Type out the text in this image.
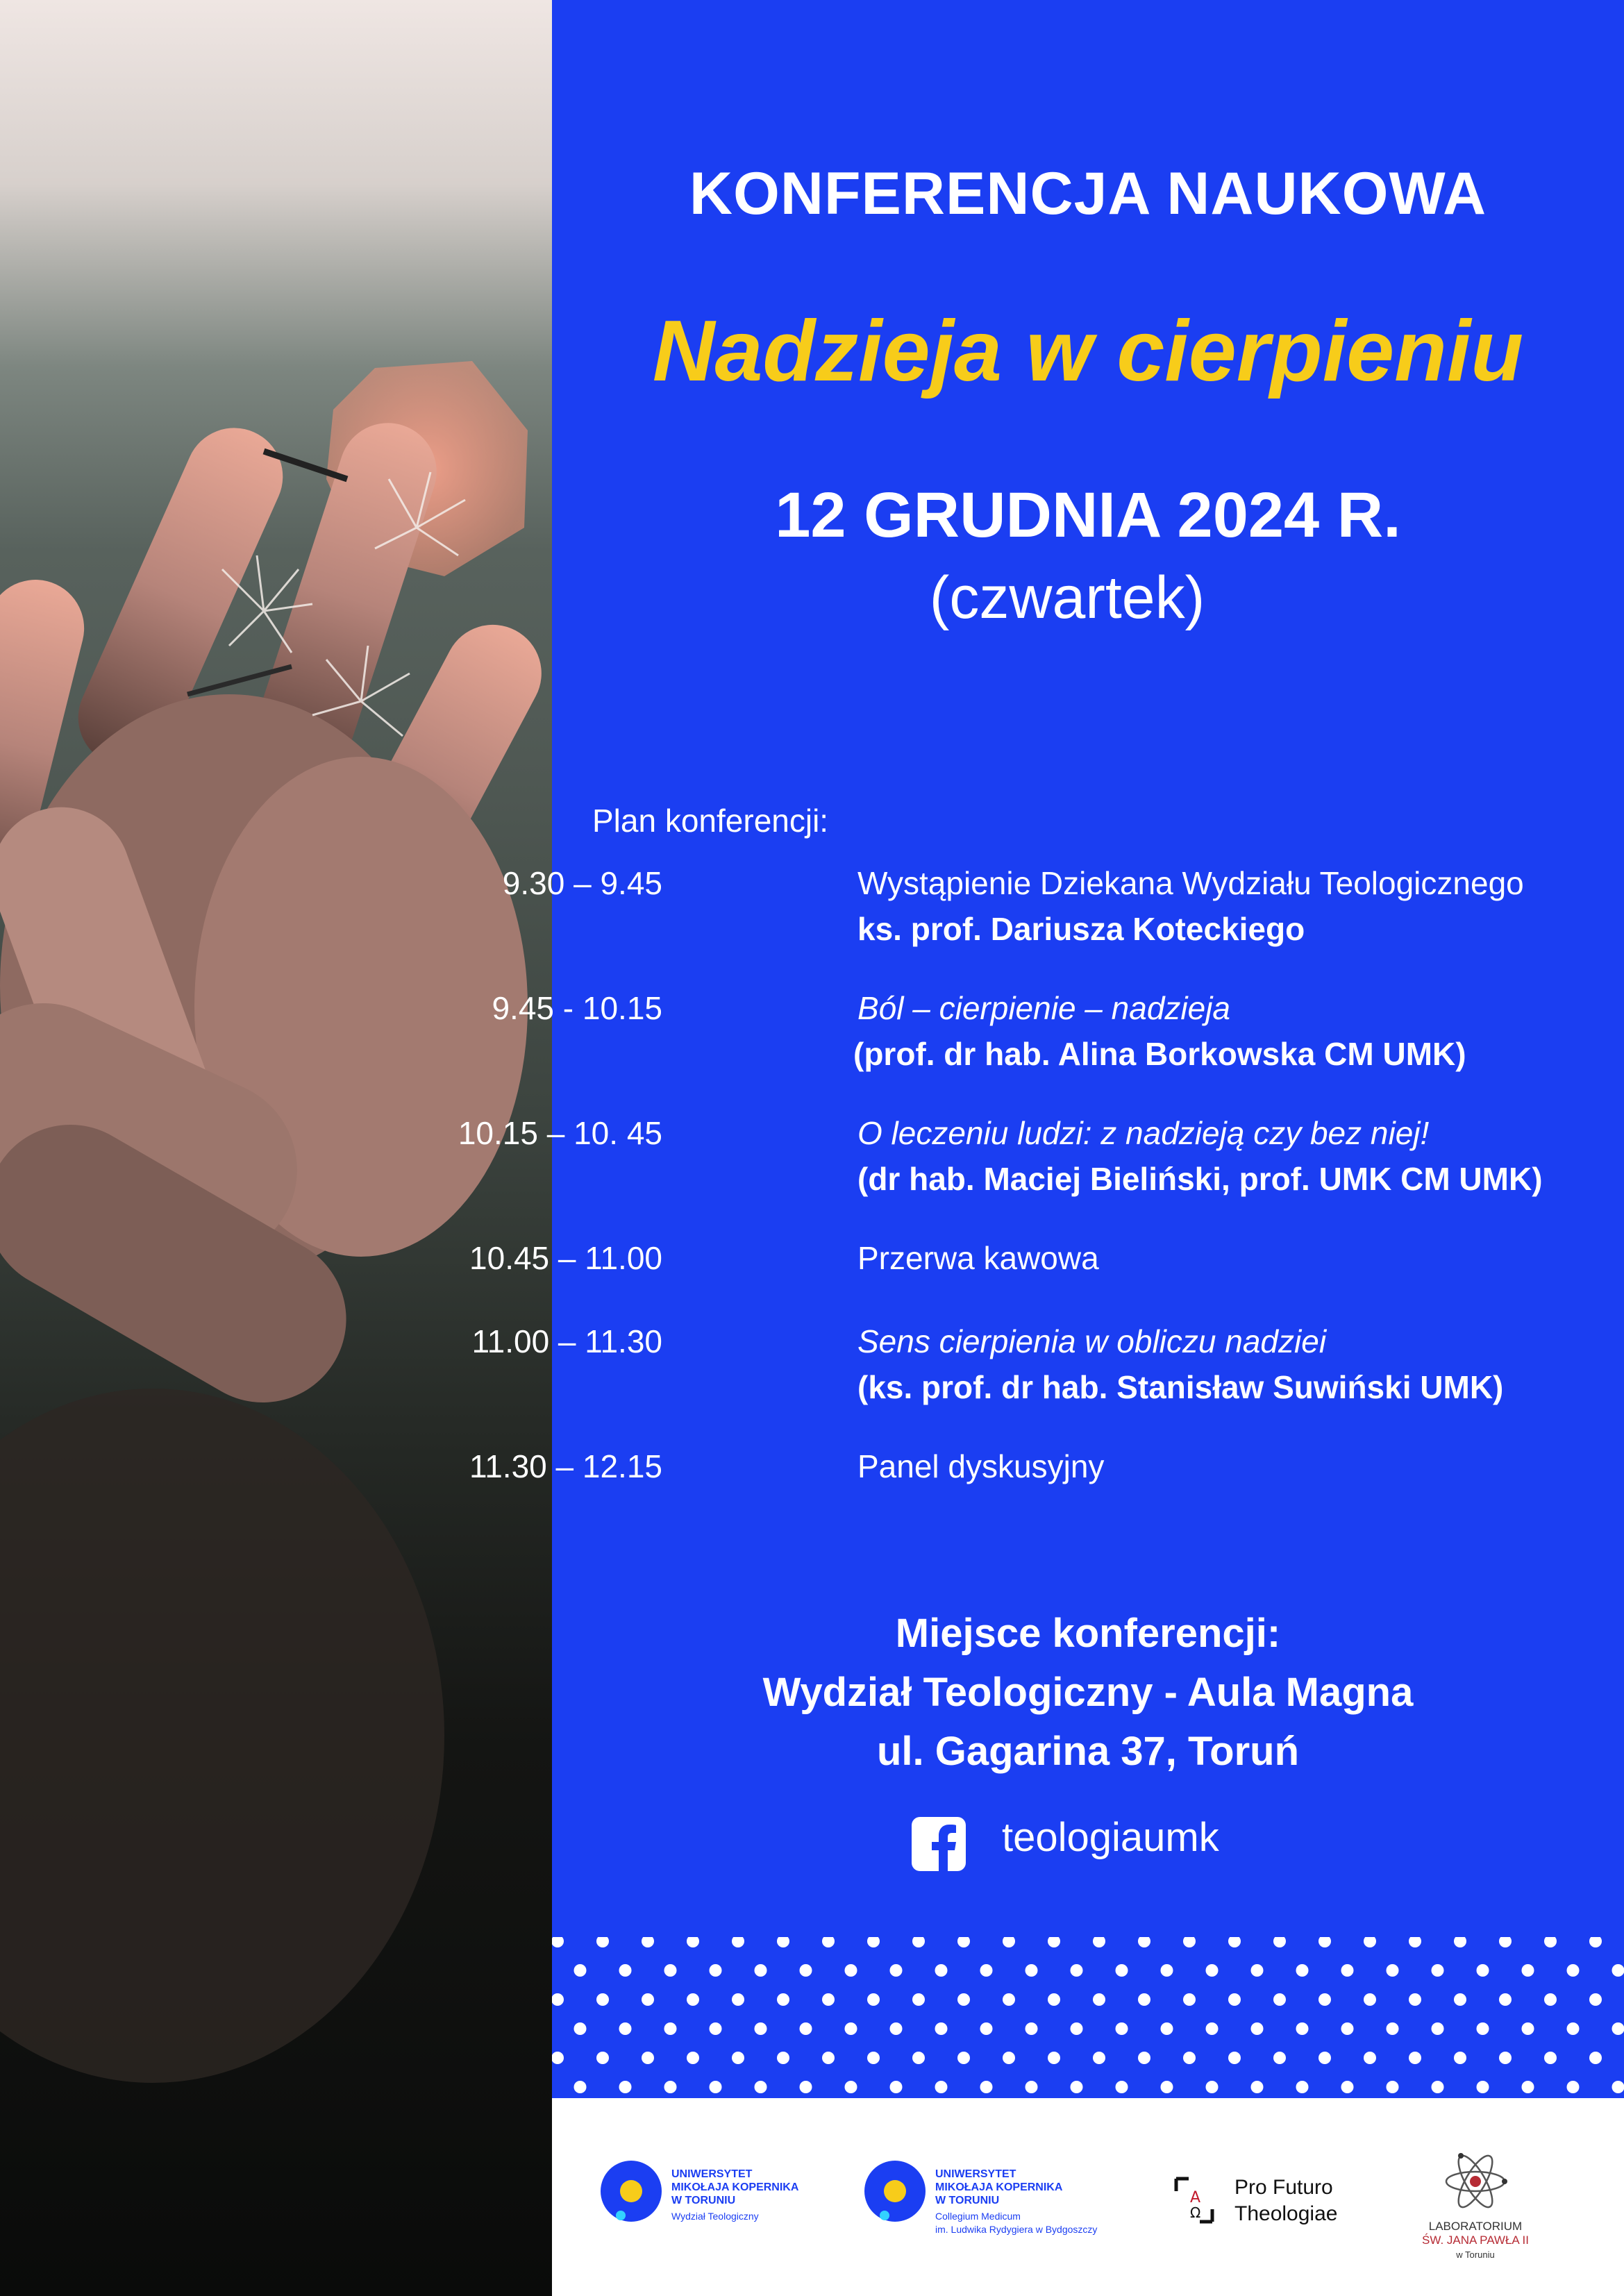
KONFERENCJA NAUKOWA
Nadzieja w cierpieniu
12 GRUDNIA 2024 R.
(czwartek)
Plan konferencji:
9.30 – 9.45	Wystąpienie Dziekana Wydziału Teologicznego
ks. prof. Dariusza Koteckiego
9.45 - 10.15	Ból – cierpienie – nadzieja
(prof. dr hab. Alina Borkowska CM UMK)
10.15 – 10. 45	O leczeniu ludzi: z nadzieją czy bez niej!
(dr hab. Maciej Bieliński, prof. UMK CM UMK)
10.45 – 11.00	Przerwa kawowa
11.00 – 11.30	Sens cierpienia w obliczu nadziei
(ks. prof. dr hab. Stanisław Suwiński UMK)
11.30 – 12.15	Panel dyskusyjny
Miejsce konferencji:
Wydział Teologiczny - Aula Magna
ul. Gagarina 37, Toruń
teologiaumk
UNIWERSYTET
MIKOŁAJA KOPERNIKA
W TORUNIU
Wydział Teologiczny
UNIWERSYTET
MIKOŁAJA KOPERNIKA
W TORUNIU
Collegium Medicum
im. Ludwika Rydygiera w Bydgoszczy
A
Ω
Pro Futuro
Theologiae
LABORATORIUM
ŚW. JANA PAWŁA II
w Toruniu
